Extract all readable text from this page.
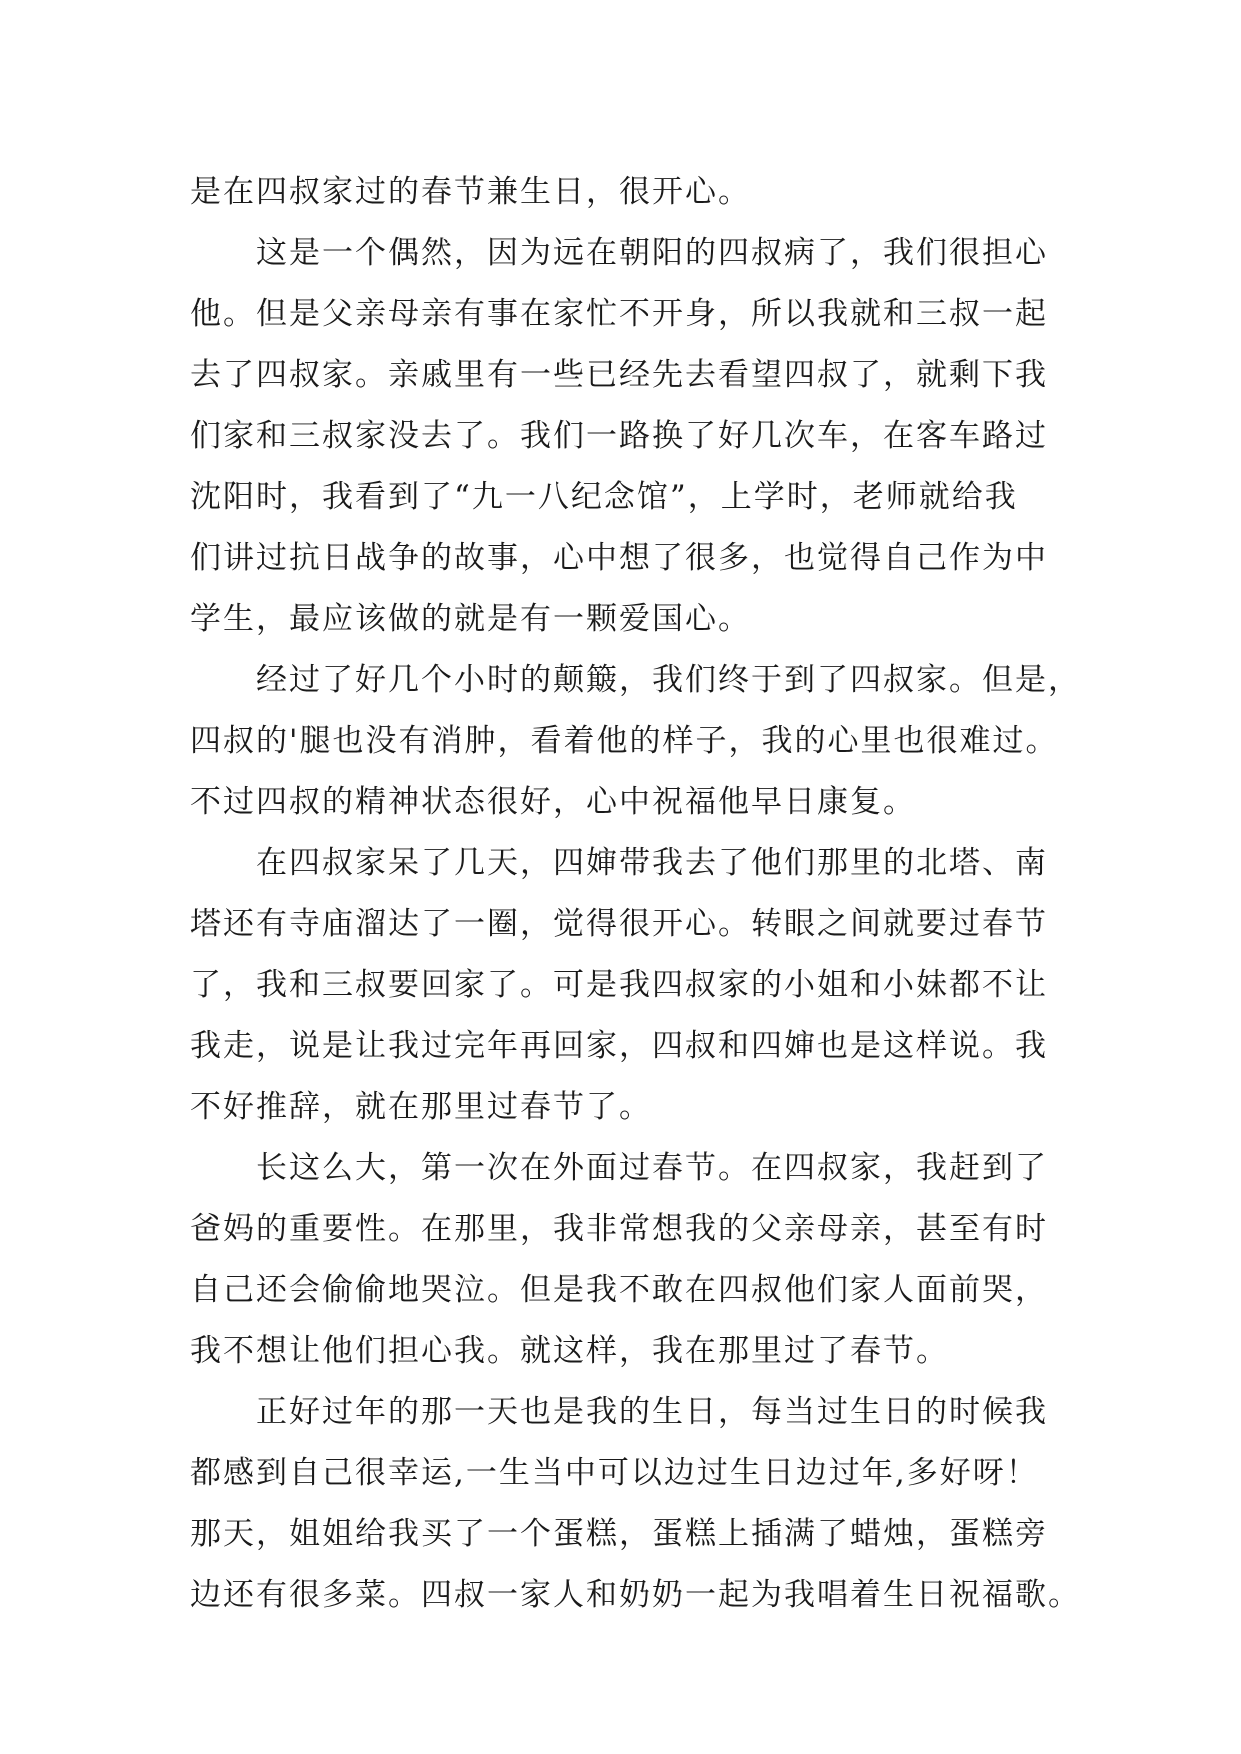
是在四叔家过的春节兼生日，很开心。
这是一个偶然，因为远在朝阳的四叔病了，我们很担心
他。但是父亲母亲有事在家忙不开身，所以我就和三叔一起
去了四叔家。亲戚里有一些已经先去看望四叔了，就剩下我
们家和三叔家没去了。我们一路换了好几次车，在客车路过
沈阳时，我看到了“九一八纪念馆”，上学时，老师就给我
们讲过抗日战争的故事，心中想了很多，也觉得自己作为中
学生，最应该做的就是有一颗爱国心。
经过了好几个小时的颠簸，我们终于到了四叔家。但是，
四叔的'腿也没有消肿，看着他的样子，我的心里也很难过。
不过四叔的精神状态很好，心中祝福他早日康复。
在四叔家呆了几天，四婶带我去了他们那里的北塔、南
塔还有寺庙溜达了一圈，觉得很开心。转眼之间就要过春节
了，我和三叔要回家了。可是我四叔家的小姐和小妹都不让
我走，说是让我过完年再回家，四叔和四婶也是这样说。我
不好推辞，就在那里过春节了。
长这么大，第一次在外面过春节。在四叔家，我赶到了
爸妈的重要性。在那里，我非常想我的父亲母亲，甚至有时
自己还会偷偷地哭泣。但是我不敢在四叔他们家人面前哭，
我不想让他们担心我。就这样，我在那里过了春节。
正好过年的那一天也是我的生日，每当过生日的时候我
都感到自己很幸运,一生当中可以边过生日边过年,多好呀！
那天，姐姐给我买了一个蛋糕，蛋糕上插满了蜡烛，蛋糕旁
边还有很多菜。四叔一家人和奶奶一起为我唱着生日祝福歌。
